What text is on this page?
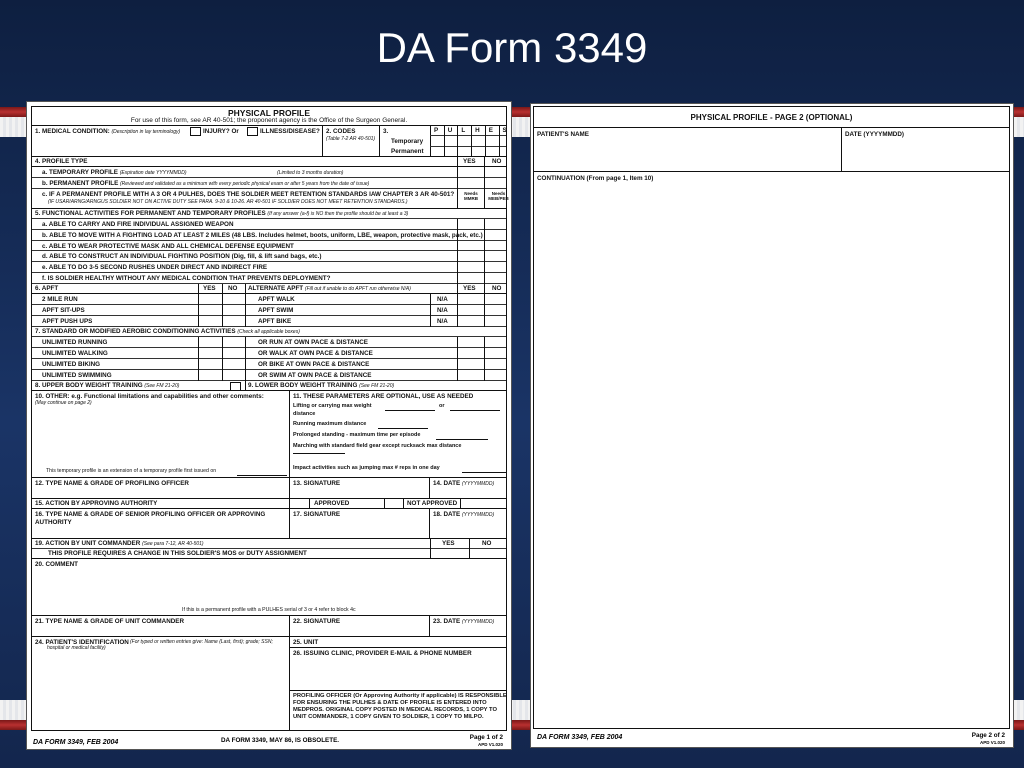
DA Form 3349
PHYSICAL PROFILE
For use of this form, see AR 40-501; the proponent agency is the Office of the Surgeon General.
1. MEDICAL CONDITION: (Description in lay terminology)	INJURY? Or	ILLNESS/DISEASE? 2. CODES
(Table 7-2 AR 40-501)
3.
Temporary
Permanent
P U L H E S
4. PROFILE TYPE	YES	NO
a. TEMPORARY PROFILE (Expiration date YYYYMMDD)	(Limited to 3 months duration)
b. PERMANENT PROFILE (Reviewed and validated as a minimum with every periodic physical exam or after 5 years from the date of issue)
c. IF A PERMANENT PROFILE WITH A 3 OR 4 PULHES, DOES THE SOLDIER MEET RETENTION STANDARDS IAW CHAPTER 3 AR 40-501?
(IF USAR/ARNG/ARNGUS SOLDIER NOT ON ACTIVE DUTY SEE PARA. 9-10 & 10-26. AR 40-501 IF SOLDIER DOES NOT MEET RETENTION STANDARDS.)
Needs MMRB
Needs MEB/PEB
5. FUNCTIONAL ACTIVITIES FOR PERMANENT AND TEMPORARY PROFILES (If any answer (a-f) is NO then the profile should be at least a 3)
a. ABLE TO CARRY AND FIRE INDIVIDUAL ASSIGNED WEAPON
b. ABLE TO MOVE WITH A FIGHTING LOAD AT LEAST 2 MILES (48 LBS. Includes helmet, boots, uniform, LBE, weapon, protective mask, pack, etc.)
c. ABLE TO WEAR PROTECTIVE MASK AND ALL CHEMICAL DEFENSE EQUIPMENT
d. ABLE TO CONSTRUCT AN INDIVIDUAL FIGHTING POSITION (Dig, fill, & lift sand bags, etc.)
e. ABLE TO DO 3-5 SECOND RUSHES UNDER DIRECT AND INDIRECT FIRE
f. IS SOLDIER HEALTHY WITHOUT ANY MEDICAL CONDITION THAT PREVENTS DEPLOYMENT?
6. APFT	YES NO ALTERNATE APFT (Fill out if unable to do APFT run otherwise N/A)	YES	NO
2 MILE RUN	APFT WALK	N/A
APFT SIT-UPS	APFT SWIM	N/A
APFT PUSH UPS	APFT BIKE	N/A
7. STANDARD OR MODIFIED AEROBIC CONDITIONING ACTIVITIES (Check all applicable boxes)
UNLIMITED RUNNING	OR RUN AT OWN PACE & DISTANCE
UNLIMITED WALKING	OR WALK AT OWN PACE & DISTANCE
UNLIMITED BIKING	OR BIKE AT OWN PACE & DISTANCE
UNLIMITED SWIMMING	OR SWIM AT OWN PACE & DISTANCE
8. UPPER BODY WEIGHT TRAINING (See FM 21-20)	9. LOWER BODY WEIGHT TRAINING (See FM 21-20)
10. OTHER: e.g. Functional limitations and capabilities and other comments:
(May continue on page 2)
This temporary profile is an extension of a temporary profile first issued on
11. THESE PARAMETERS ARE OPTIONAL, USE AS NEEDED
Lifting or carrying max weight	or
distance
Running maximum distance
Prolonged standing - maximum time per episode
Marching with standard field gear except rucksack max distance
Impact activities such as jumping max # reps in one day
12. TYPE NAME & GRADE OF PROFILING OFFICER	13. SIGNATURE	14. DATE (YYYYMMDD)
15. ACTION BY APPROVING AUTHORITY	APPROVED	NOT APPROVED
16. TYPE NAME & GRADE OF SENIOR PROFILING OFFICER OR APPROVING AUTHORITY
17. SIGNATURE	18. DATE (YYYYMMDD)
19. ACTION BY UNIT COMMANDER (See para 7-12, AR 40-501)	YES	NO
THIS PROFILE REQUIRES A CHANGE IN THIS SOLDIER'S MOS or DUTY ASSIGNMENT
20. COMMENT
If this is a permanent profile with a PULHES serial of 3 or 4 refer to block 4c
21. TYPE NAME & GRADE OF UNIT COMMANDER	22. SIGNATURE	23. DATE (YYYYMMDD)
24. PATIENT'S IDENTIFICATION (For typed or written entries give: Name (Last, first); grade; SSN; hospital or medical facility)
25. UNIT
26. ISSUING CLINIC, PROVIDER E-MAIL & PHONE NUMBER
PROFILING OFFICER (Or Approving Authority if applicable) IS RESPONSIBLE FOR ENSURING THE PULHES & DATE OF PROFILE IS ENTERED INTO MEDPROS. ORIGINAL COPY POSTED IN MEDICAL RECORDS, 1 COPY TO UNIT COMMANDER, 1 COPY GIVEN TO SOLDIER, 1 COPY TO MILPO.
DA FORM 3349, FEB 2004	DA FORM 3349, MAY 86, IS OBSOLETE.	Page 1 of 2
APD V1.020
PHYSICAL PROFILE - PAGE 2 (OPTIONAL)
PATIENT'S NAME	DATE (YYYYMMDD)
CONTINUATION (From page 1, Item 10)
DA FORM 3349, FEB 2004	Page 2 of 2
APD V1.020
